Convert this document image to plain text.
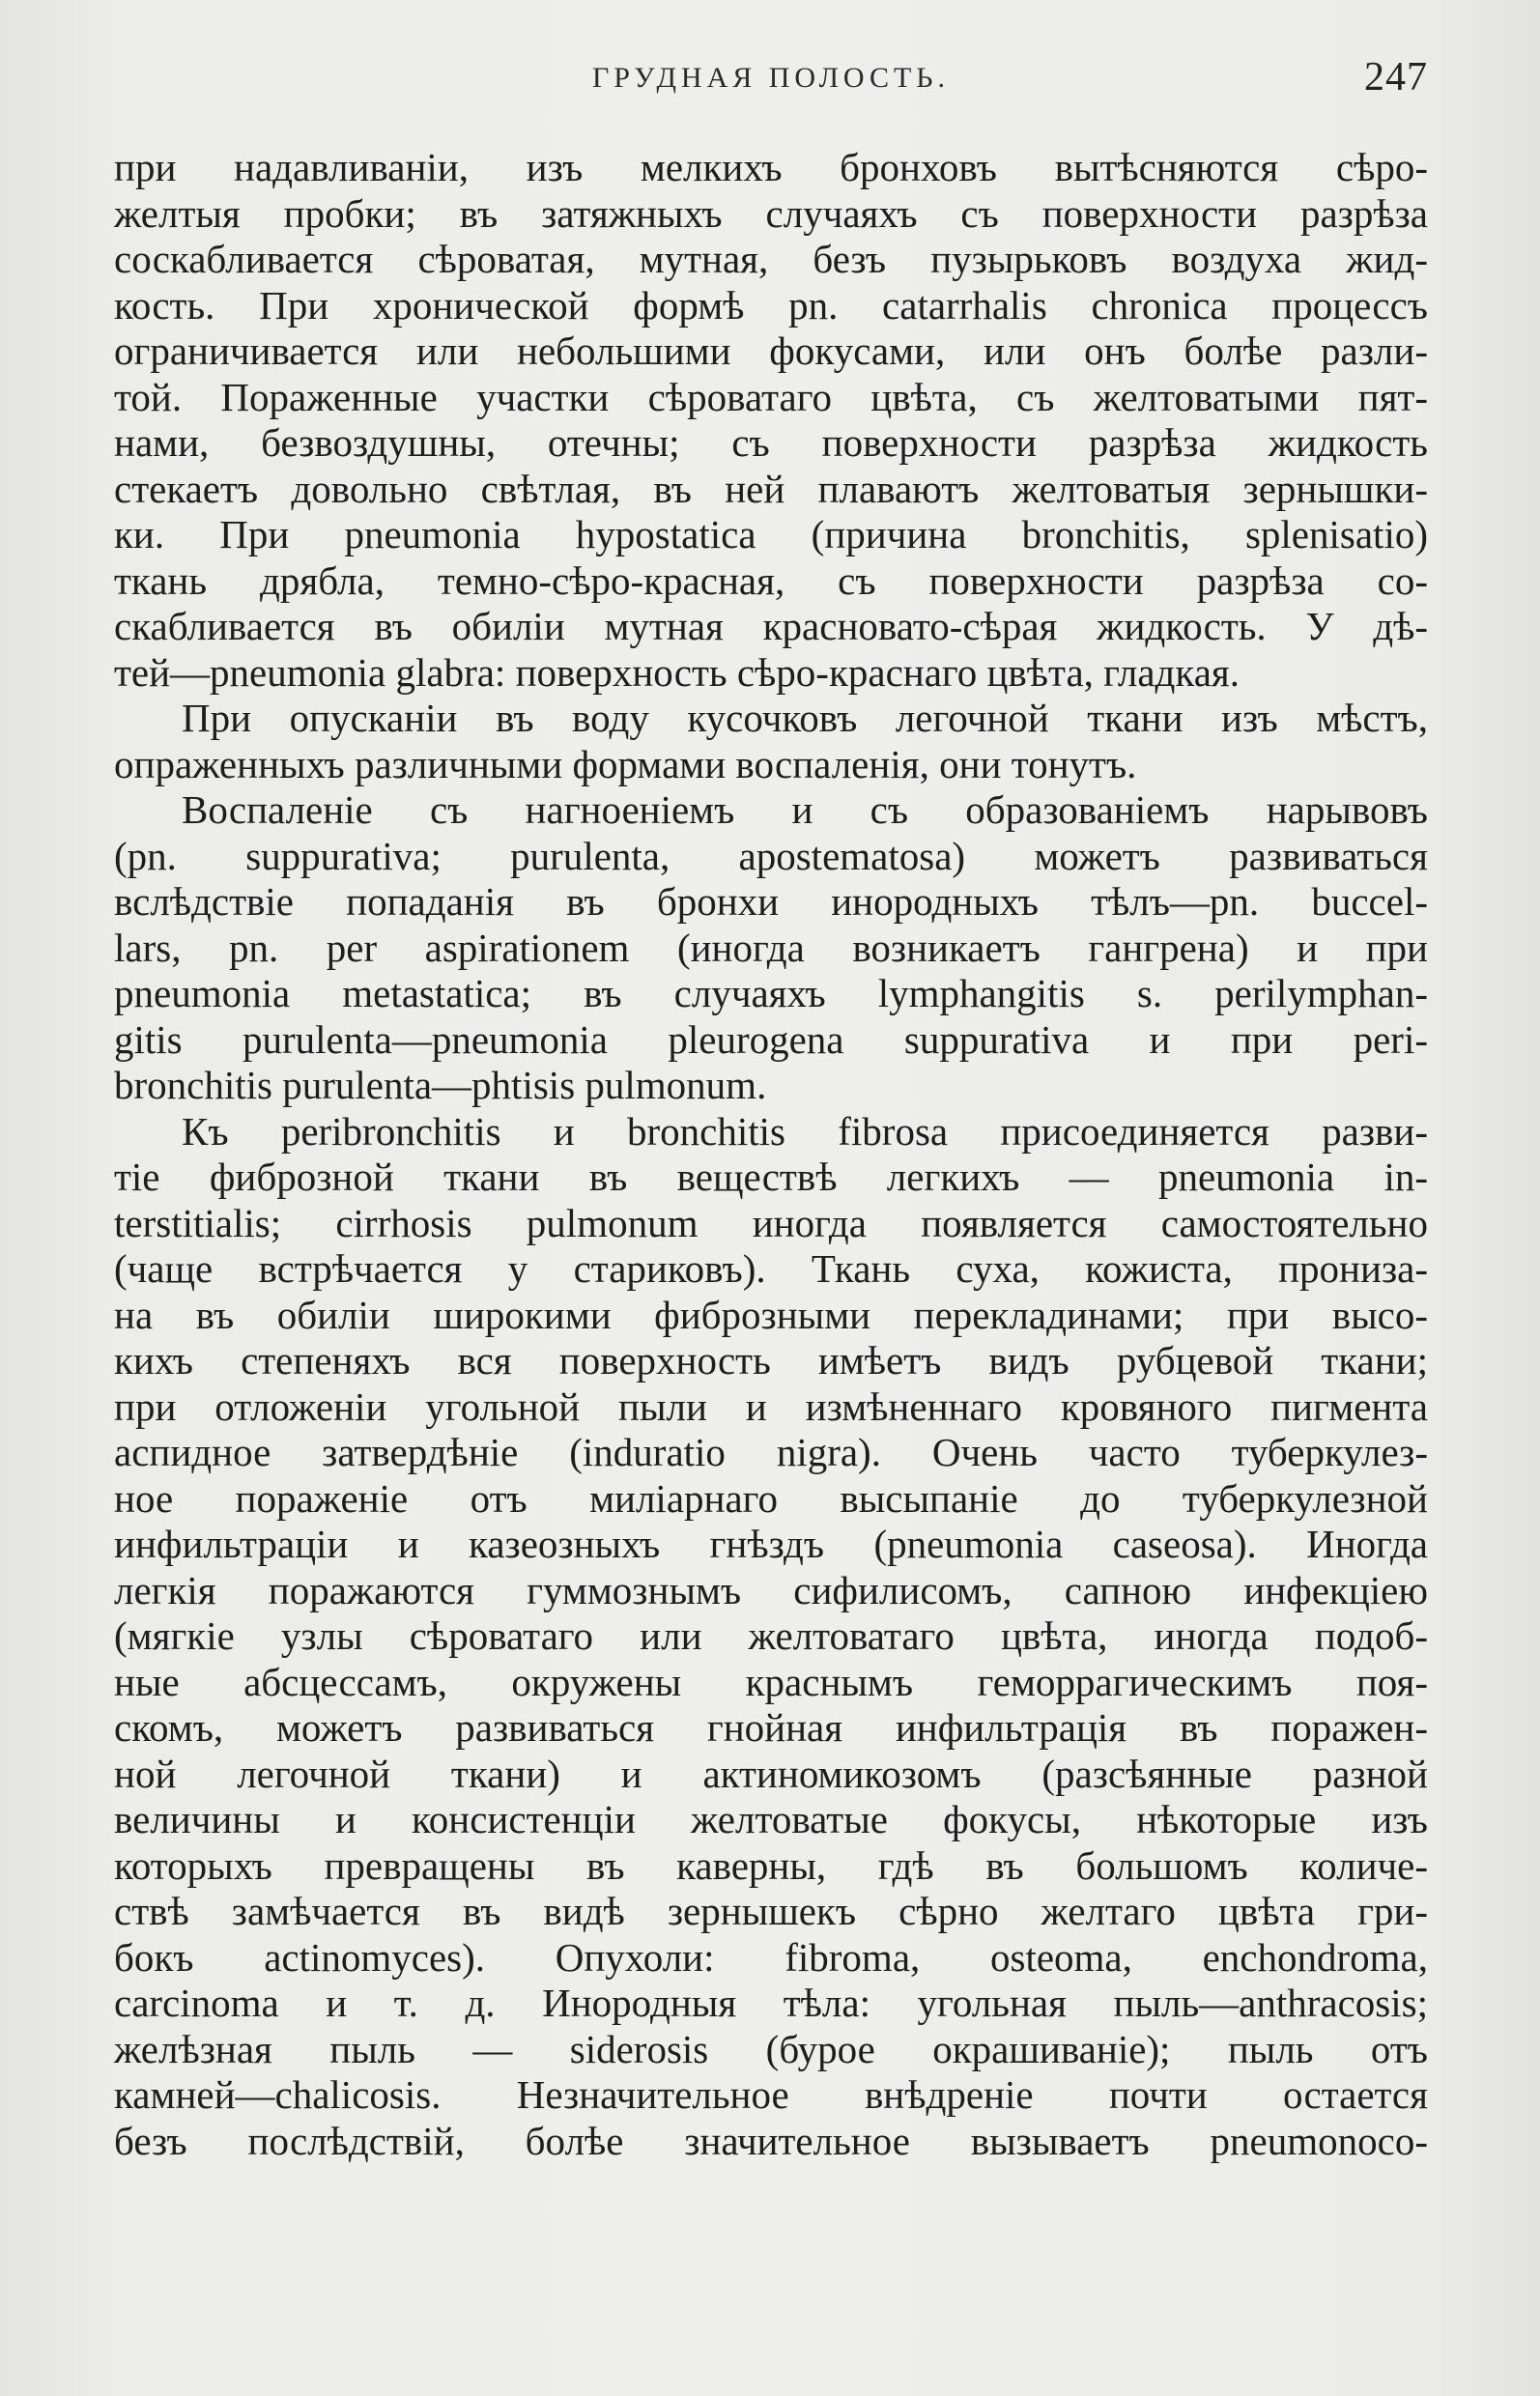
ГРУДНАЯ ПОЛОСТЬ.	247
при надавливанiи, изъ мелкихъ бронховъ вытѣсняются сѣро-
желтыя пробки; въ затяжныхъ случаяхъ съ поверхности разрѣза
соскабливается сѣроватая, мутная, безъ пузырьковъ воздуха жид-
кость. При хронической формѣ pn. catarrhalis chronica процессъ
ограничивается или небольшими фокусами, или онъ болѣе разли-
той. Пораженные участки сѣроватаго цвѣта, съ желтоватыми пят-
нами, безвоздушны, отечны; съ поверхности разрѣза жидкость
стекаетъ довольно свѣтлая, въ ней плаваютъ желтоватыя зернышки-
ки. При pneumonia hypostatica (причина bronchitis, splenisatio)
ткань дрябла, темно-сѣро-красная, съ поверхности разрѣза со-
скабливается въ обилiи мутная красновато-сѣрая жидкость. У дѣ-
тей—pneumonia glabra: поверхность сѣро-краснаго цвѣта, гладкая.
При опусканiи въ воду кусочковъ легочной ткани изъ мѣстъ,
опраженныхъ различными формами воспаленiя, они тонутъ.
Воспаленiе съ нагноенiемъ и съ образованiемъ нарывовъ
(pn. suppurativa; purulenta, apostematosa) можетъ развиваться
вслѣдствiе попаданiя въ бронхи инородныхъ тѣлъ—pn. buccel-
lars, pn. per aspirationem (иногда возникаетъ гангрена) и при
pneumonia metastatica; въ случаяхъ lymphangitis s. perilymphan-
gitis purulenta—pneumonia pleurogena suppurativa и при peri-
bronchitis purulenta—phtisis pulmonum.
Къ peribronchitis и bronchitis fibrosa присоединяется разви-
тiе фиброзной ткани въ веществѣ легкихъ — pneumonia in-
terstitialis; cirrhosis pulmonum иногда появляется самостоятельно
(чаще встрѣчается у стариковъ). Ткань суха, кожиста, прониза-
на въ обилiи широкими фиброзными перекладинами; при высо-
кихъ степеняхъ вся поверхность имѣетъ видъ рубцевой ткани;
при отложенiи угольной пыли и измѣненнаго кровяного пигмента
аспидное затвердѣнiе (induratio nigra). Очень часто туберкулез-
ное пораженiе отъ милiарнаго высыпанiе до туберкулезной
инфильтрацiи и казеозныхъ гнѣздъ (pneumonia caseosa). Иногда
легкiя поражаются гуммознымъ сифилисомъ, сапною инфекцiею
(мягкiе узлы сѣроватаго или желтоватаго цвѣта, иногда подоб-
ные абсцессамъ, окружены краснымъ геморрагическимъ поя-
скомъ, можетъ развиваться гнойная инфильтрацiя въ поражен-
ной легочной ткани) и актиномикозомъ (разсѣянные разной
величины и консистенцiи желтоватые фокусы, нѣкоторые изъ
которыхъ превращены въ каверны, гдѣ въ большомъ количе-
ствѣ замѣчается въ видѣ зернышекъ сѣрно желтаго цвѣта гри-
бокъ actinomyces). Опухоли: fibroma, osteoma, enchondroma,
carcinoma и т. д. Инородныя тѣла: угольная пыль—anthracosis;
желѣзная пыль — siderosis (бурое окрашиванiе); пыль отъ
камней—chalicosis. Незначительное внѣдренiе почти остается
безъ послѣдствiй, болѣе значительное вызываетъ pneumonoco-
